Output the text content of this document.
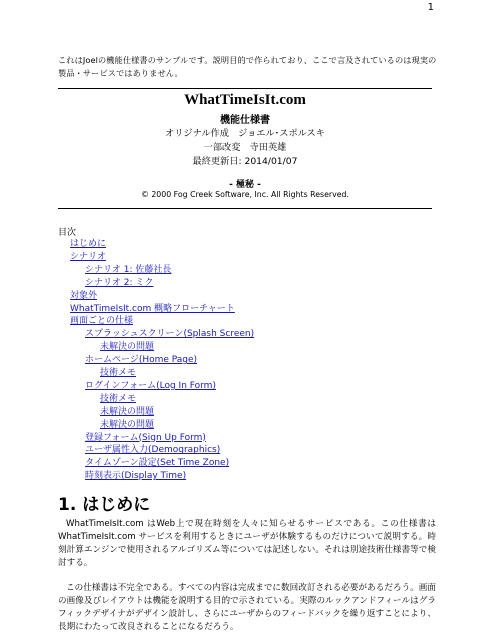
1
これはJoelの機能仕様書のサンプルです。説明目的で作られており、ここで言及されているのは現実の製品・サービスではありません。
WhatTimeIsIt.com
機能仕様書
オリジナル作成　ジョエル･スポルスキ
一部改変　寺田英雄
最終更新日: 2014/01/07
- 極秘 -
© 2000 Fog Creek Software, Inc. All Rights Reserved.
目次
はじめに
シナリオ
シナリオ 1: 佐藤社長
シナリオ 2: ミク
対象外
WhatTimeIsIt.com 概略フローチャート
画面ごとの仕様
スプラッシュスクリーン(Splash Screen)
未解決の問題
ホームページ(Home Page)
技術メモ
ログインフォーム(Log In Form)
技術メモ
未解決の問題
未解決の問題
登録フォーム(Sign Up Form)
ユーザ属性入力(Demographics)
タイムゾーン設定(Set Time Zone)
時刻表示(Display Time)
1. はじめに
WhatTimeIsIt.com はWeb上で現在時刻を人々に知らせるサービスである。この仕様書は WhatTimeIsIt.com サービスを利用するときにユーザが体験するものだけについて説明する。時刻計算エンジンで使用されるアルゴリズム等については記述しない。それは別途技術仕様書等で検討する。
この仕様書は不完全である。すべての内容は完成までに数回改訂される必要があるだろう。画面の画像及びレイアウトは機能を説明する目的で示されている。実際のルックアンドフィールはグラフィックデザイナがデザイン設計し、さらにユーザからのフィードバックを繰り返すことにより、長期にわたって改良されることになるだろう。
